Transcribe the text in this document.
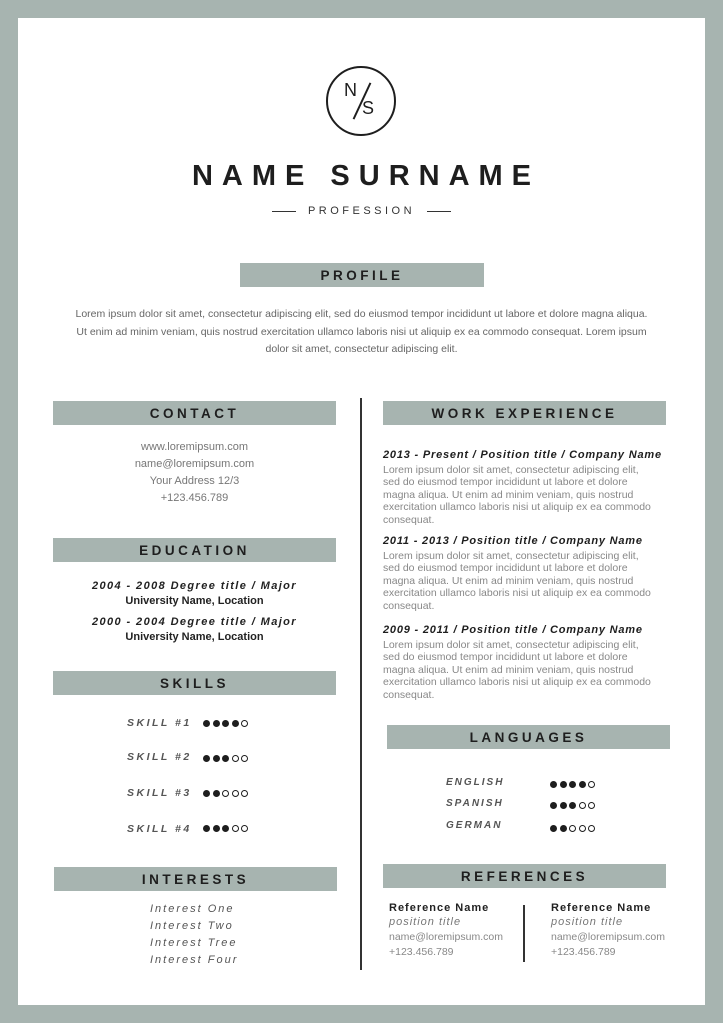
N
S
NAME SURNAME
PROFESSION
PROFILE
Lorem ipsum dolor sit amet, consectetur adipiscing elit, sed do eiusmod tempor incididunt ut labore et dolore magna aliqua.
Ut enim ad minim veniam, quis nostrud exercitation ullamco laboris nisi ut aliquip ex ea commodo consequat. Lorem ipsum
dolor sit amet, consectetur adipiscing elit.
CONTACT
www.loremipsum.com
name@loremipsum.com
Your Address 12/3
+123.456.789
EDUCATION
2004 - 2008 Degree title / Major
University Name, Location
2000 - 2004 Degree title / Major
University Name, Location
SKILLS
SKILL #1
SKILL #2
SKILL #3
SKILL #4
INTERESTS
Interest One
Interest Two
Interest Tree
Interest Four
WORK EXPERIENCE
2013 - Present / Position title / Company Name
Lorem ipsum dolor sit amet, consectetur adipiscing elit,
sed do eiusmod tempor incididunt ut labore et dolore
magna aliqua. Ut enim ad minim veniam, quis nostrud
exercitation ullamco laboris nisi ut aliquip ex ea commodo
consequat.
2011 - 2013 / Position title / Company Name
Lorem ipsum dolor sit amet, consectetur adipiscing elit,
sed do eiusmod tempor incididunt ut labore et dolore
magna aliqua. Ut enim ad minim veniam, quis nostrud
exercitation ullamco laboris nisi ut aliquip ex ea commodo
consequat.
2009 - 2011 / Position title / Company Name
Lorem ipsum dolor sit amet, consectetur adipiscing elit,
sed do eiusmod tempor incididunt ut labore et dolore
magna aliqua. Ut enim ad minim veniam, quis nostrud
exercitation ullamco laboris nisi ut aliquip ex ea commodo
consequat.
LANGUAGES
ENGLISH
SPANISH
GERMAN
REFERENCES
Reference Name
position title
name@loremipsum.com
+123.456.789
Reference Name
position title
name@loremipsum.com
+123.456.789
